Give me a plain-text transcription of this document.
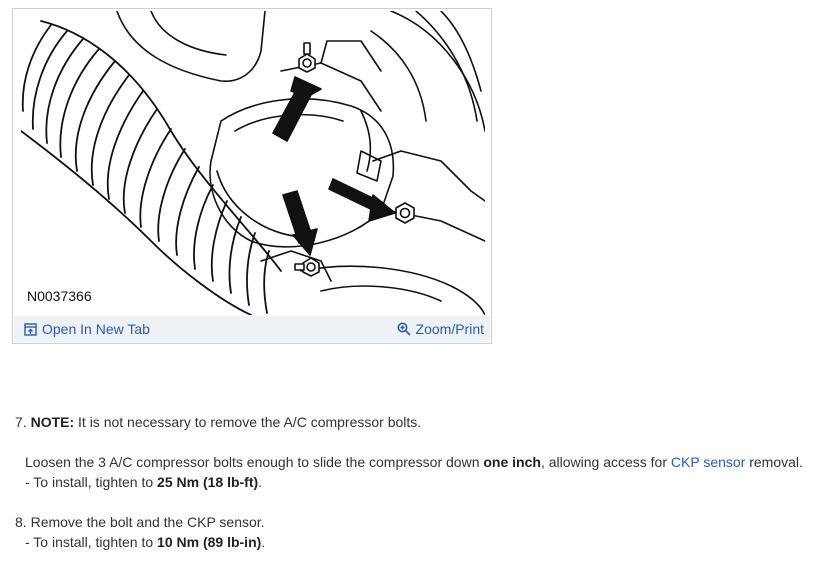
N0037366
Open In New Tab	Zoom/Print

7. NOTE: It is not necessary to remove the A/C compressor bolts.

Loosen the 3 A/C compressor bolts enough to slide the compressor down one inch, allowing access for CKP sensor removal.

- To install, tighten to 25 Nm (18 lb-ft).

8. Remove the bolt and the CKP sensor.

- To install, tighten to 10 Nm (89 lb-in).
